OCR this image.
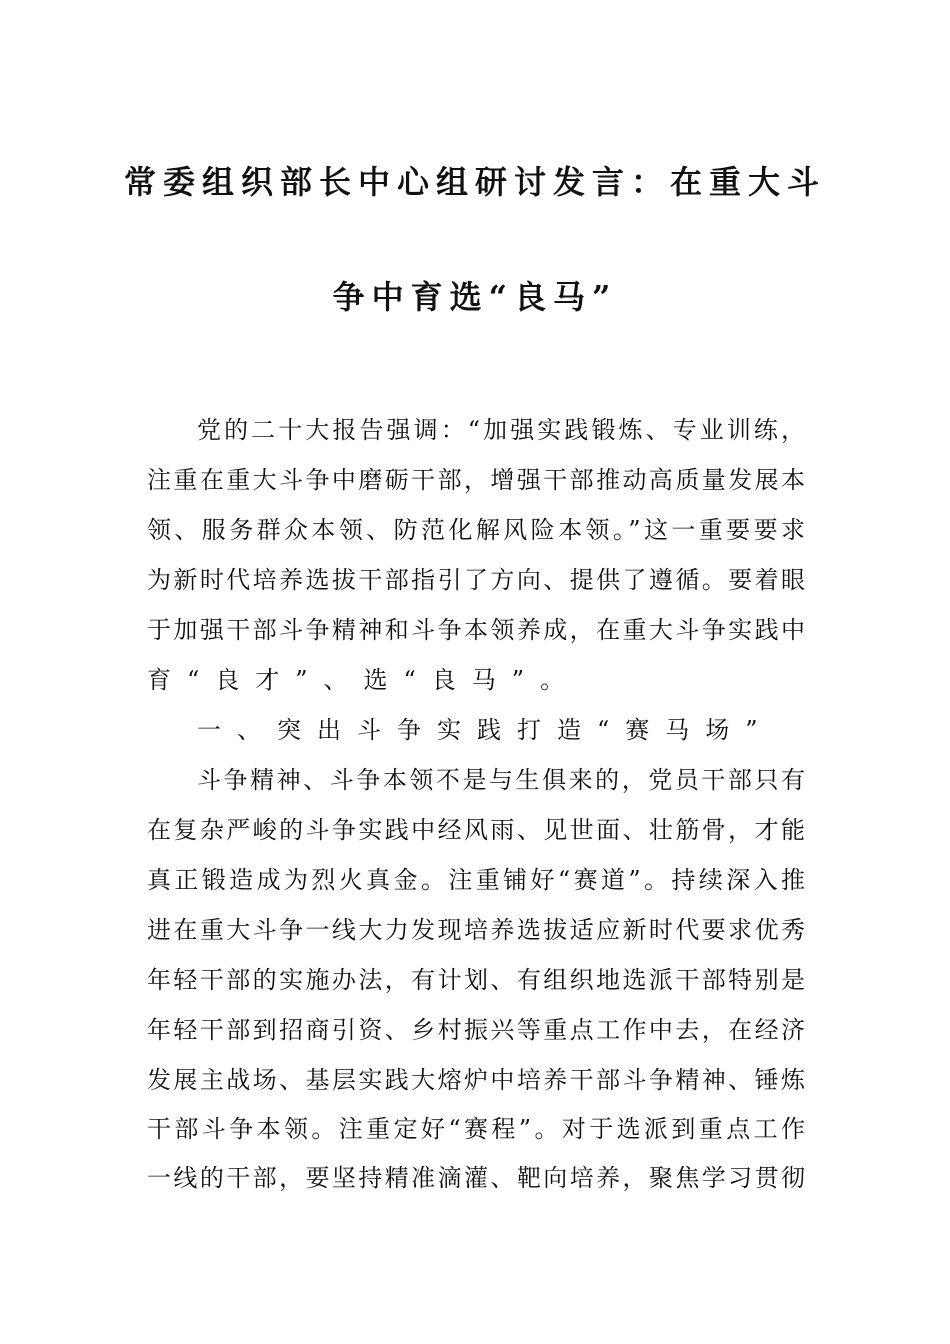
常委组织部长中心组研讨发言：在重大斗
争中育选“良马”
党的二十大报告强调：“加强实践锻炼、专业训练，
注重在重大斗争中磨砺干部，增强干部推动高质量发展本
领、服务群众本领、防范化解风险本领。”这一重要要求
为新时代培养选拔干部指引了方向、提供了遵循。要着眼
于加强干部斗争精神和斗争本领养成，在重大斗争实践中
育“良才”、选“良马”。
一、突出斗争实践打造“赛马场”
斗争精神、斗争本领不是与生俱来的，党员干部只有
在复杂严峻的斗争实践中经风雨、见世面、壮筋骨，才能
真正锻造成为烈火真金。注重铺好“赛道”。持续深入推
进在重大斗争一线大力发现培养选拔适应新时代要求优秀
年轻干部的实施办法，有计划、有组织地选派干部特别是
年轻干部到招商引资、乡村振兴等重点工作中去，在经济
发展主战场、基层实践大熔炉中培养干部斗争精神、锤炼
干部斗争本领。注重定好“赛程”。对于选派到重点工作
一线的干部，要坚持精准滴灌、靶向培养，聚焦学习贯彻
